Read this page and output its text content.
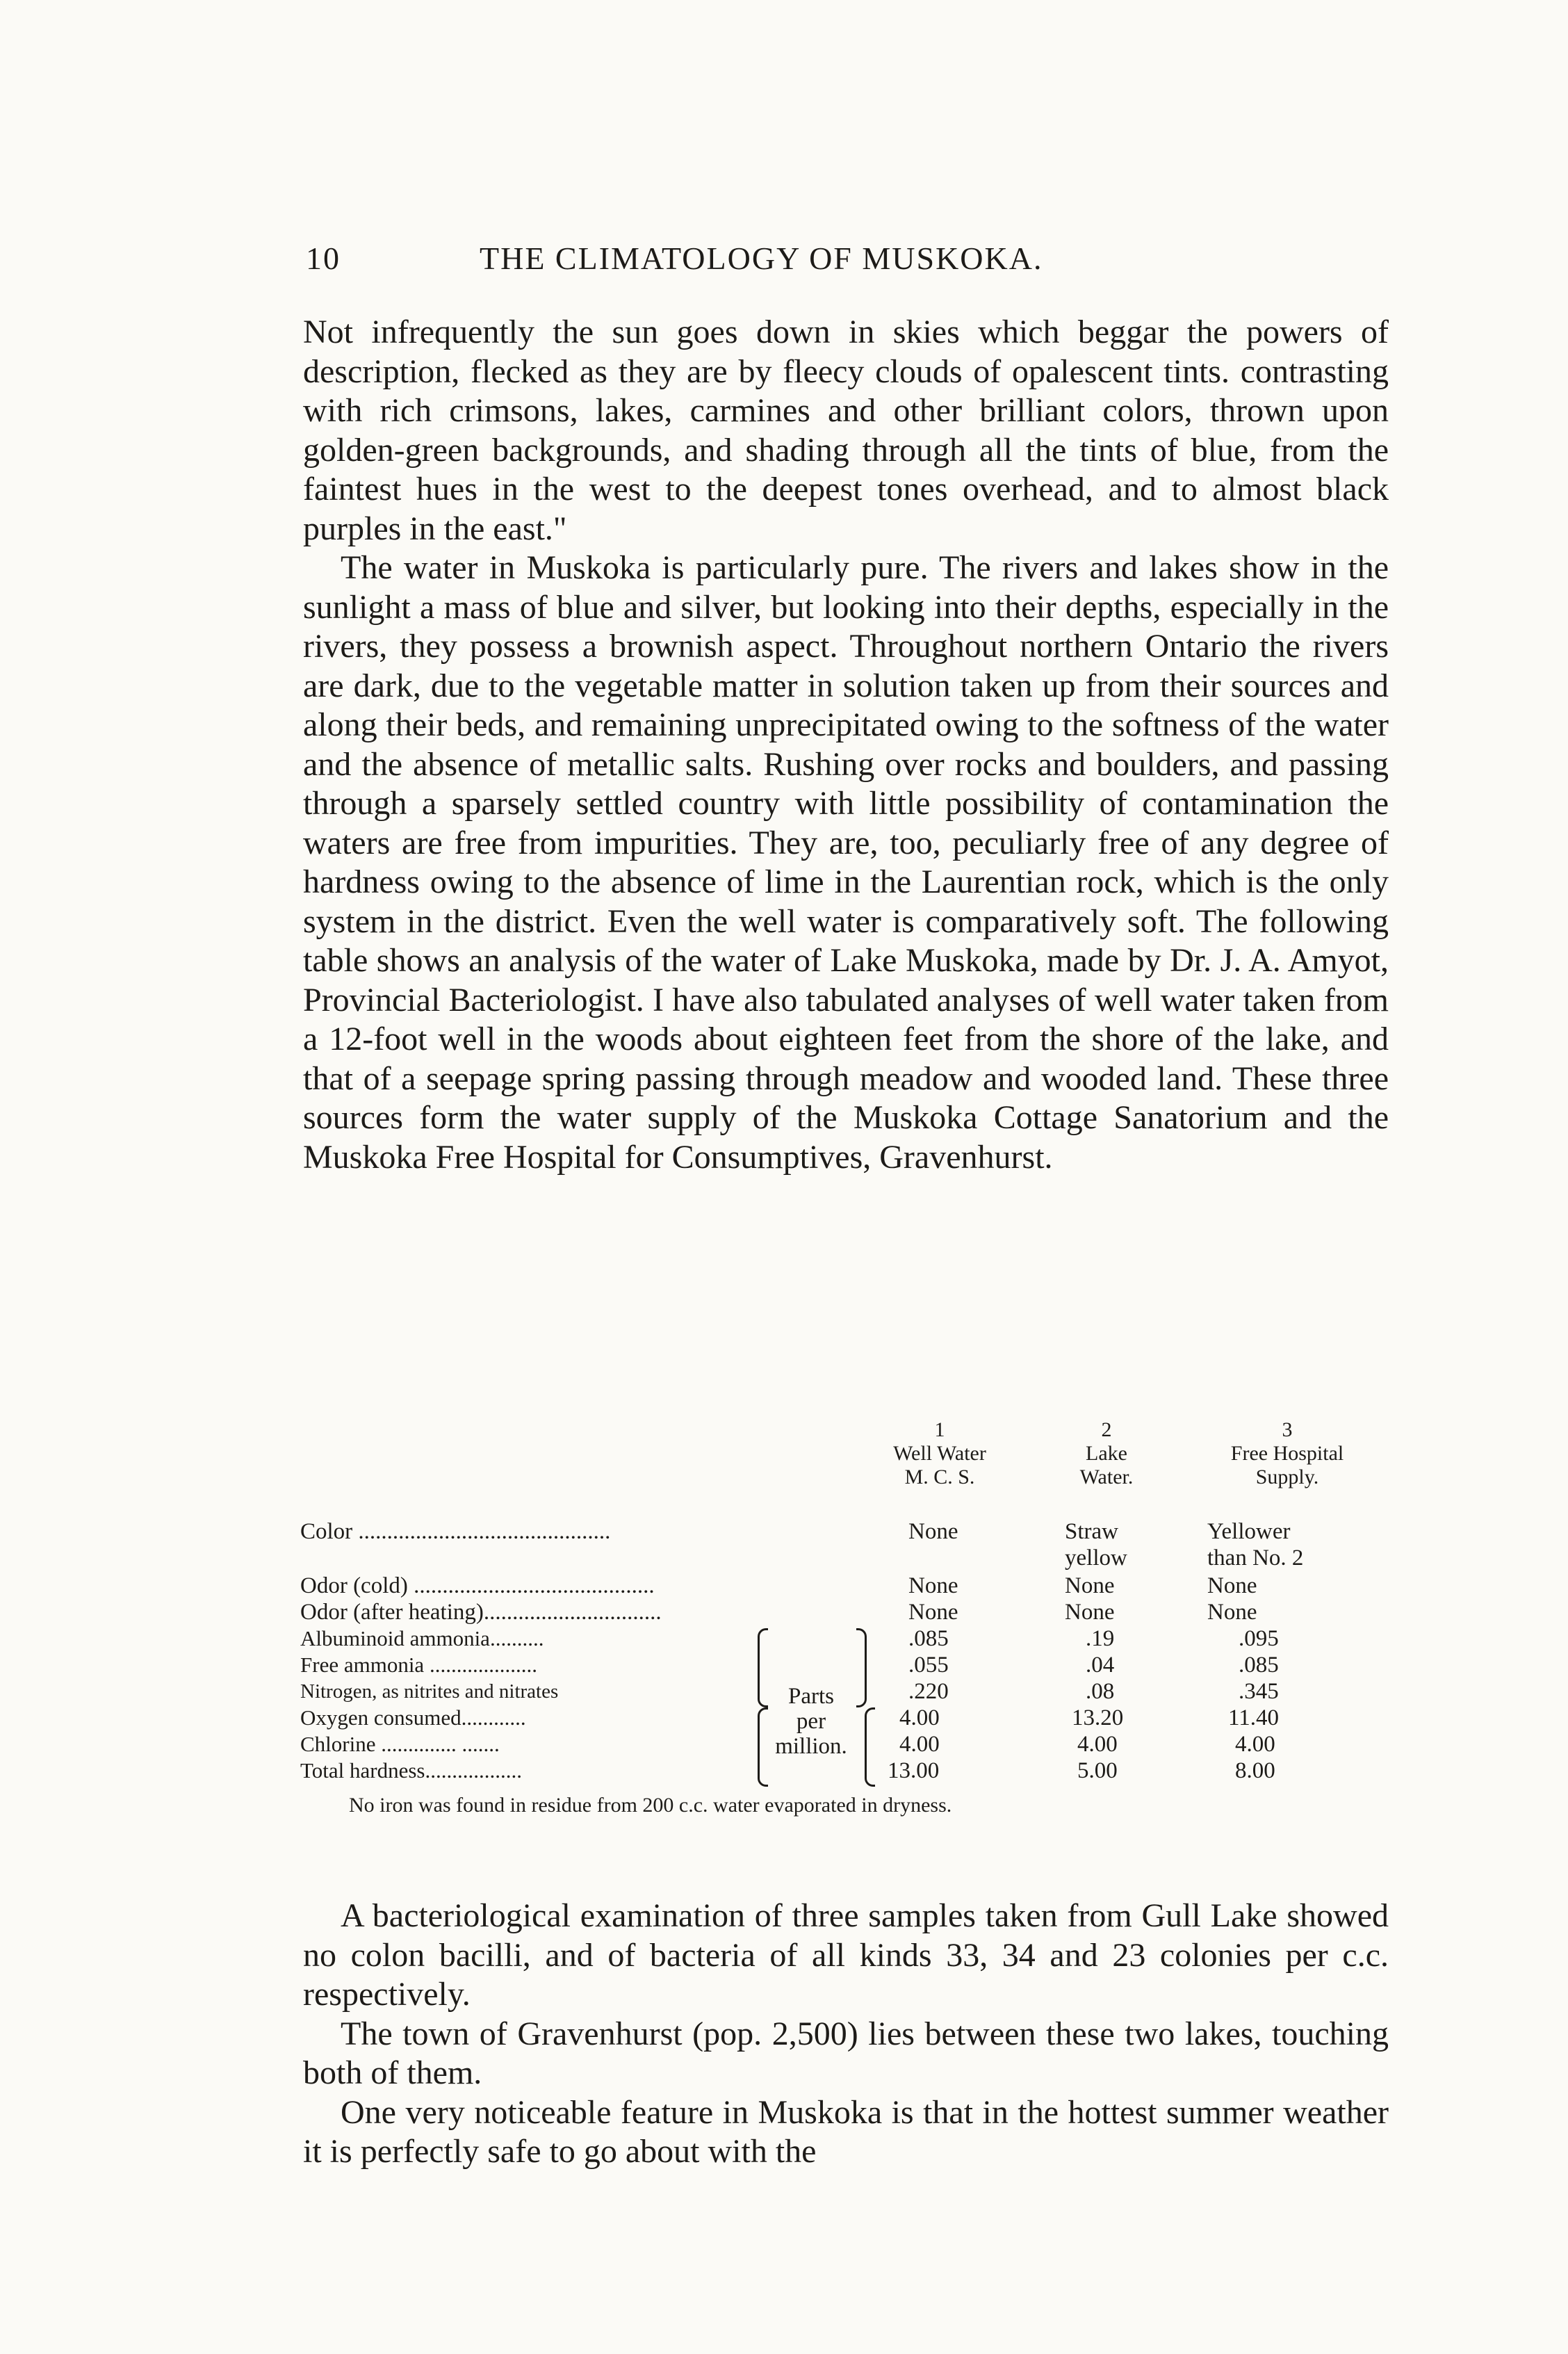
10	THE CLIMATOLOGY OF MUSKOKA.

Not infrequently the sun goes down in skies which beggar the powers of description, flecked as they are by fleecy clouds of opalescent tints. contrasting with rich crimsons, lakes, carmines and other brilliant colors, thrown upon golden-green backgrounds, and shading through all the tints of blue, from the faintest hues in the west to the deepest tones overhead, and to almost black purples in the east."

The water in Muskoka is particularly pure. The rivers and lakes show in the sunlight a mass of blue and silver, but looking into their depths, especially in the rivers, they possess a brownish aspect. Throughout northern Ontario the rivers are dark, due to the vegetable matter in solution taken up from their sources and along their beds, and remaining unprecipitated owing to the softness of the water and the absence of metallic salts. Rushing over rocks and boulders, and passing through a sparsely settled country with little possibility of contamination the waters are free from impurities. They are, too, peculiarly free of any degree of hardness owing to the absence of lime in the Laurentian rock, which is the only system in the district. Even the well water is comparatively soft. The following table shows an analysis of the water of Lake Muskoka, made by Dr. J. A. Amyot, Provincial Bacteriologist. I have also tabulated analyses of well water taken from a 12-foot well in the woods about eighteen feet from the shore of the lake, and that of a seepage spring passing through meadow and wooded land. These three sources form the water supply of the Muskoka Cottage Sanatorium and the Muskoka Free Hospital for Consumptives, Gravenhurst.

1
Well Water
M. C. S.
2
Lake
Water.
3
Free Hospital
Supply.
Color ............................................
Odor (cold) ..........................................
Odor (after heating)...............................
Albuminoid ammonia..........
Free ammonia ....................
Nitrogen, as nitrites and nitrates
Oxygen consumed............
Chlorine .............. .......
Total hardness..................
Parts
per
million.
None
None
None
.085
.055
.220
4.00
4.00
13.00
Straw
yellow
None
None
.19
.04
.08
13.20
4.00
5.00
Yellower
than No. 2
None
None
.095
.085
.345
11.40
4.00
8.00
No iron was found in residue from 200 c.c. water evaporated in dryness.

A bacteriological examination of three samples taken from Gull Lake showed no colon bacilli, and of bacteria of all kinds 33, 34 and 23 colonies per c.c. respectively.

The town of Gravenhurst (pop. 2,500) lies between these two lakes, touching both of them.

One very noticeable feature in Muskoka is that in the hottest summer weather it is perfectly safe to go about with the
